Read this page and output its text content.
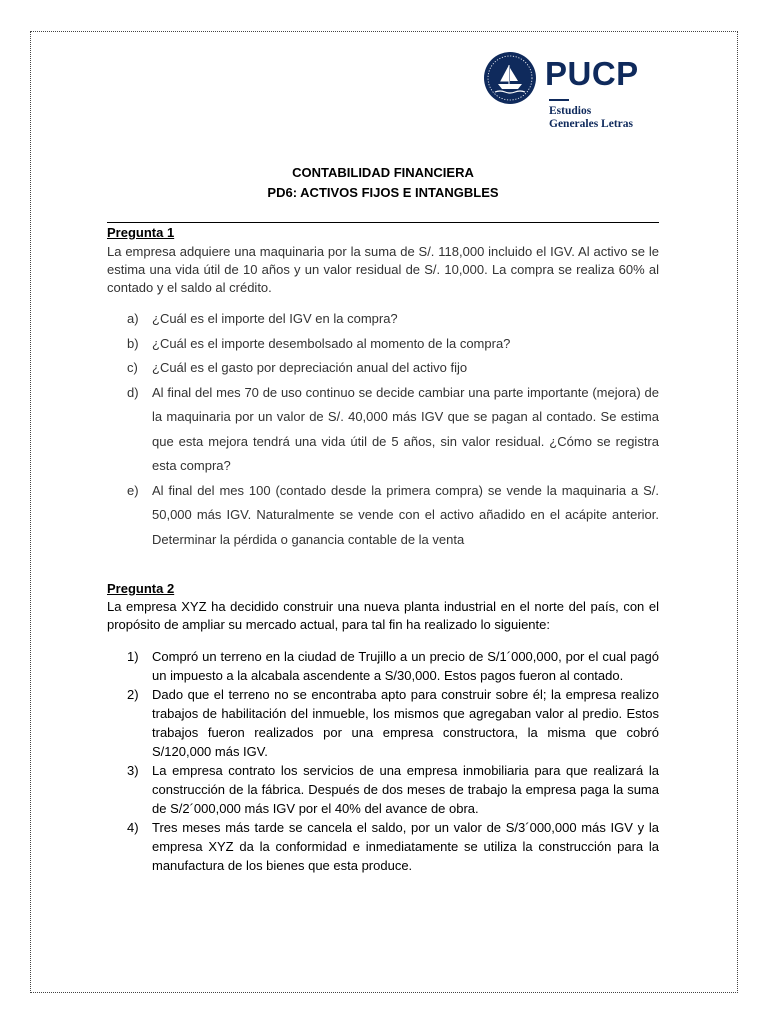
PUCP
Estudios
Generales Letras
CONTABILIDAD FINANCIERA
PD6: ACTIVOS FIJOS E INTANGBLES
Pregunta 1
La empresa adquiere una maquinaria por la suma de S/. 118,000 incluido el IGV. Al activo se le estima una vida útil de 10 años y un valor residual de S/. 10,000. La compra se realiza 60% al contado y el saldo al crédito.
a) ¿Cuál es el importe del IGV en la compra?
b) ¿Cuál es el importe desembolsado al momento de la compra?
c) ¿Cuál es el gasto por depreciación anual del activo fijo
d) Al final del mes 70 de uso continuo se decide cambiar una parte importante (mejora) de la maquinaria por un valor de S/. 40,000 más IGV que se pagan al contado. Se estima que esta mejora tendrá una vida útil de 5 años, sin valor residual. ¿Cómo se registra esta compra?
e) Al final del mes 100 (contado desde la primera compra) se vende la maquinaria a S/. 50,000 más IGV. Naturalmente se vende con el activo añadido en el acápite anterior. Determinar la pérdida o ganancia contable de la venta
Pregunta 2
La empresa XYZ ha decidido construir una nueva planta industrial en el norte del país, con el propósito de ampliar su mercado actual, para tal fin ha realizado lo siguiente:
1) Compró un terreno en la ciudad de Trujillo a un precio de S/1´000,000, por el cual pagó un impuesto a la alcabala ascendente a S/30,000. Estos pagos fueron al contado.
2) Dado que el terreno no se encontraba apto para construir sobre él; la empresa realizo trabajos de habilitación del inmueble, los mismos que agregaban valor al predio. Estos trabajos fueron realizados por una empresa constructora, la misma que cobró S/120,000 más IGV.
3) La empresa contrato los servicios de una empresa inmobiliaria para que realizará la construcción de la fábrica. Después de dos meses de trabajo la empresa paga la suma de S/2´000,000 más IGV por el 40% del avance de obra.
4) Tres meses más tarde se cancela el saldo, por un valor de S/3´000,000 más IGV y la empresa XYZ da la conformidad e inmediatamente se utiliza la construcción para la manufactura de los bienes que esta produce.
